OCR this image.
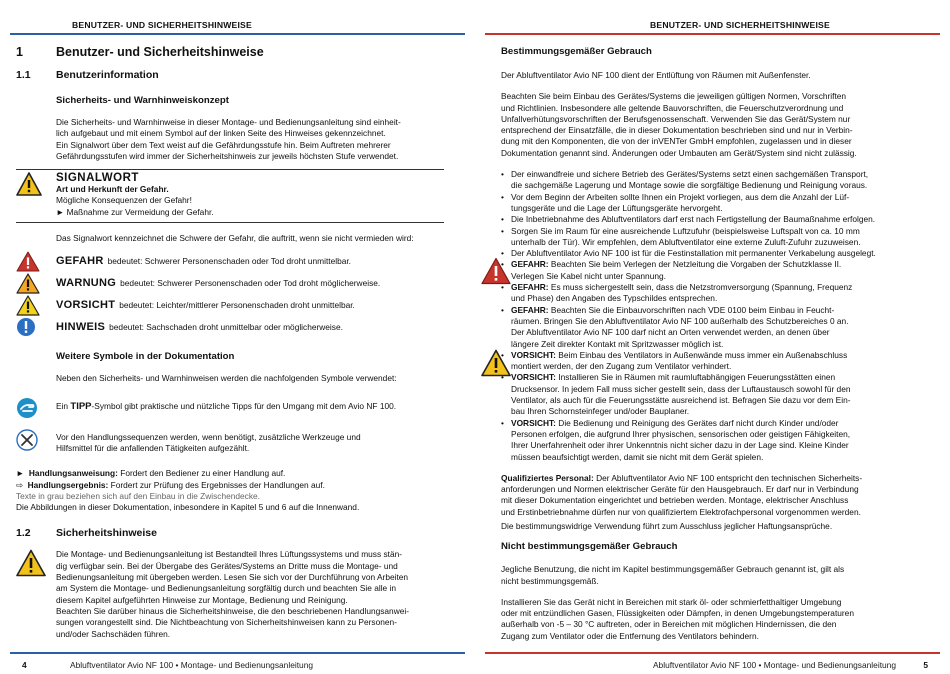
BENUTZER- UND SICHERHEITSHINWEISE
1	Benutzer- und Sicherheitshinweise
1.1	Benutzerinformation
Sicherheits- und Warnhinweiskonzept

Die Sicherheits- und Warnhinweise in dieser Montage- und Bedienungsanleitung sind einheit-

lich aufgebaut und mit einem Symbol auf der linken Seite des Hinweises gekennzeichnet.

Ein Signalwort über dem Text weist auf die Gefährdungsstufe hin. Beim Auftreten mehrerer

Gefährdungsstufen wird immer der Sicherheitshinweis zur jeweils höchsten Stufe verwendet.

SIGNALWORT

Art und Herkunft der Gefahr.

Mögliche Konsequenzen der Gefahr!

► Maßnahme zur Vermeidung der Gefahr.

Das Signalwort kennzeichnet die Schwere der Gefahr, die auftritt, wenn sie nicht vermieden wird:

GEFAHR bedeutet: Schwerer Personenschaden oder Tod droht unmittelbar.
WARNUNG bedeutet: Schwerer Personenschaden oder Tod droht möglicherweise.
VORSICHT bedeutet: Leichter/mittlerer Personenschaden droht unmittelbar.
HINWEIS bedeutet: Sachschaden droht unmittelbar oder möglicherweise.
Weitere Symbole in der Dokumentation

Neben den Sicherheits- und Warnhinweisen werden die nachfolgenden Symbole verwendet:

Ein TIPP-Symbol gibt praktische und nützliche Tipps für den Umgang mit dem Avio NF 100.

Vor den Handlungssequenzen werden, wenn benötigt, zusätzliche Werkzeuge und

Hilfsmittel für die anfallenden Tätigkeiten aufgezählt.

►  Handlungsanweisung: Fordert den Bediener zu einer Handlung auf.

⇨  Handlungsergebnis: Fordert zur Prüfung des Ergebnisses der Handlungen auf.

Texte in grau beziehen sich auf den Einbau in die Zwischendecke.

Die Abbildungen in dieser Dokumentation, inbesondere in Kapitel 5 und 6 auf die Innenwand.

1.2	Sicherheitshinweise

Die Montage- und Bedienungsanleitung ist Bestandteil Ihres Lüftungssystems und muss stän-

dig verfügbar sein. Bei der Übergabe des Gerätes/Systems an Dritte muss die Montage- und

Bedienungsanleitung mit übergeben werden. Lesen Sie sich vor der Durchführung von Arbeiten

am System die Montage- und Bedienungsanleitung sorgfältig durch und beachten Sie alle in

diesem Kapitel aufgeführten Hinweise zur Montage, Bedienung und Reinigung.

Beachten Sie darüber hinaus die Sicherheitshinweise, die den beschriebenen Handlungsanwei-

sungen vorangestellt sind. Die Nichtbeachtung von Sicherheitshinweisen kann zu Personen-

und/oder Sachschäden führen.

4	Abluftventilator Avio NF 100 • Montage- und Bedienungsanleitung
BENUTZER- UND SICHERHEITSHINWEISE
Bestimmungsgemäßer Gebrauch

Der Abluftventilator Avio NF 100 dient der Entlüftung von Räumen mit Außenfenster.

Beachten Sie beim Einbau des Gerätes/Systems die jeweiligen gültigen Normen, Vorschriften

und Richtlinien. Insbesondere alle geltende Bauvorschriften, die Feuerschutzverordnung und

Unfallverhütungsvorschriften der Berufsgenossenschaft. Verwenden Sie das Gerät/System nur

entsprechend der Einsatzfälle, die in dieser Dokumentation beschrieben sind und nur in Verbin-

dung mit den Komponenten, die von der inVENTer GmbH empfohlen, zugelassen und in dieser

Dokumentation genannt sind. Änderungen oder Umbauten am Gerät/System sind nicht zulässig.

• Der einwandfreie und sichere Betrieb des Gerätes/Systems setzt einen sachgemäßen Transport,
die sachgemäße Lagerung und Montage sowie die sorgfältige Bedienung und Reinigung voraus.
• Vor dem Beginn der Arbeiten sollte Ihnen ein Projekt vorliegen, aus dem die Anzahl der Lüf-
tungsgeräte und die Lage der Lüftungsgeräte hervorgeht.
• Die Inbetriebnahme des Abluftventilators darf erst nach Fertigstellung der Baumaßnahme erfolgen.
• Sorgen Sie im Raum für eine ausreichende Luftzufuhr (beispielsweise Luftspalt von ca. 10 mm
unterhalb der Tür). Wir empfehlen, dem Abluftventilator eine externe Zuluft-Zufuhr zuzuweisen.
• Der Abluftventilator Avio NF 100 ist für die Festinstallation mit permanenter Verkabelung ausgelegt.
• GEFAHR: Beachten Sie beim Verlegen der Netzleitung die Vorgaben der Schutzklasse II.
Verlegen Sie Kabel nicht unter Spannung.
• GEFAHR: Es muss sichergestellt sein, dass die Netzstromversorgung (Spannung, Frequenz
und Phase) den Angaben des Typschildes entsprechen.
• GEFAHR: Beachten Sie die Einbauvorschriften nach VDE 0100 beim Einbau in Feucht-
räumen. Bringen Sie den Abluftventilator Avio NF 100 außerhalb des Schutzbereiches 0 an.
Der Abluftventilator Avio NF 100 darf nicht an Orten verwendet werden, an denen über
längere Zeit direkter Kontakt mit Spritzwasser möglich ist.
• VORSICHT: Beim Einbau des Ventilators in Außenwände muss immer ein Außenabschluss
montiert werden, der den Zugang zum Ventilator verhindert.
• VORSICHT: Installieren Sie in Räumen mit raumluftabhängigen Feuerungsstätten einen
Drucksensor. In jedem Fall muss sicher gestellt sein, dass der Luftaustausch sowohl für den
Ventilator, als auch für die Feuerungsstätte ausreichend ist. Befragen Sie dazu vor dem Ein-
bau Ihren Schornsteinfeger und/oder Bauplaner.
• VORSICHT: Die Bedienung und Reinigung des Gerätes darf nicht durch Kinder und/oder
Personen erfolgen, die aufgrund Ihrer physischen, sensorischen oder geistigen Fähigkeiten,
Ihrer Unerfahrenheit oder ihrer Unkenntnis nicht sicher dazu in der Lage sind. Kleine Kinder
müssen beaufsichtigt werden, damit sie nicht mit dem Gerät spielen.

Qualifiziertes Personal: Der Abluftventilator Avio NF 100 entspricht den technischen Sicherheits-

anforderungen und Normen elektrischer Geräte für den Hausgebrauch. Er darf nur in Verbindung

mit dieser Dokumentation eingerichtet und betrieben werden. Montage, elektrischer Anschluss

und Erstinbetriebnahme dürfen nur von qualifiziertem Elektrofachpersonal vorgenommen werden.

Die bestimmungswidrige Verwendung führt zum Ausschluss jeglicher Haftungsansprüche.

Nicht bestimmungsgemäßer Gebrauch

Jegliche Benutzung, die nicht im Kapitel bestimmungsgemäßer Gebrauch genannt ist, gilt als

nicht bestimmungsgemäß.

Installieren Sie das Gerät nicht in Bereichen mit stark öl- oder schmierfetthaltiger Umgebung

oder mit entzündlichen Gasen, Flüssigkeiten oder Dämpfen, in denen Umgebungstemperaturen

außerhalb von -5 – 30 °C auftreten, oder in Bereichen mit möglichen Hindernissen, die den

Zugang zum Ventilator oder die Entfernung des Ventilators behindern.

Abluftventilator Avio NF 100 • Montage- und Bedienungsanleitung	5
